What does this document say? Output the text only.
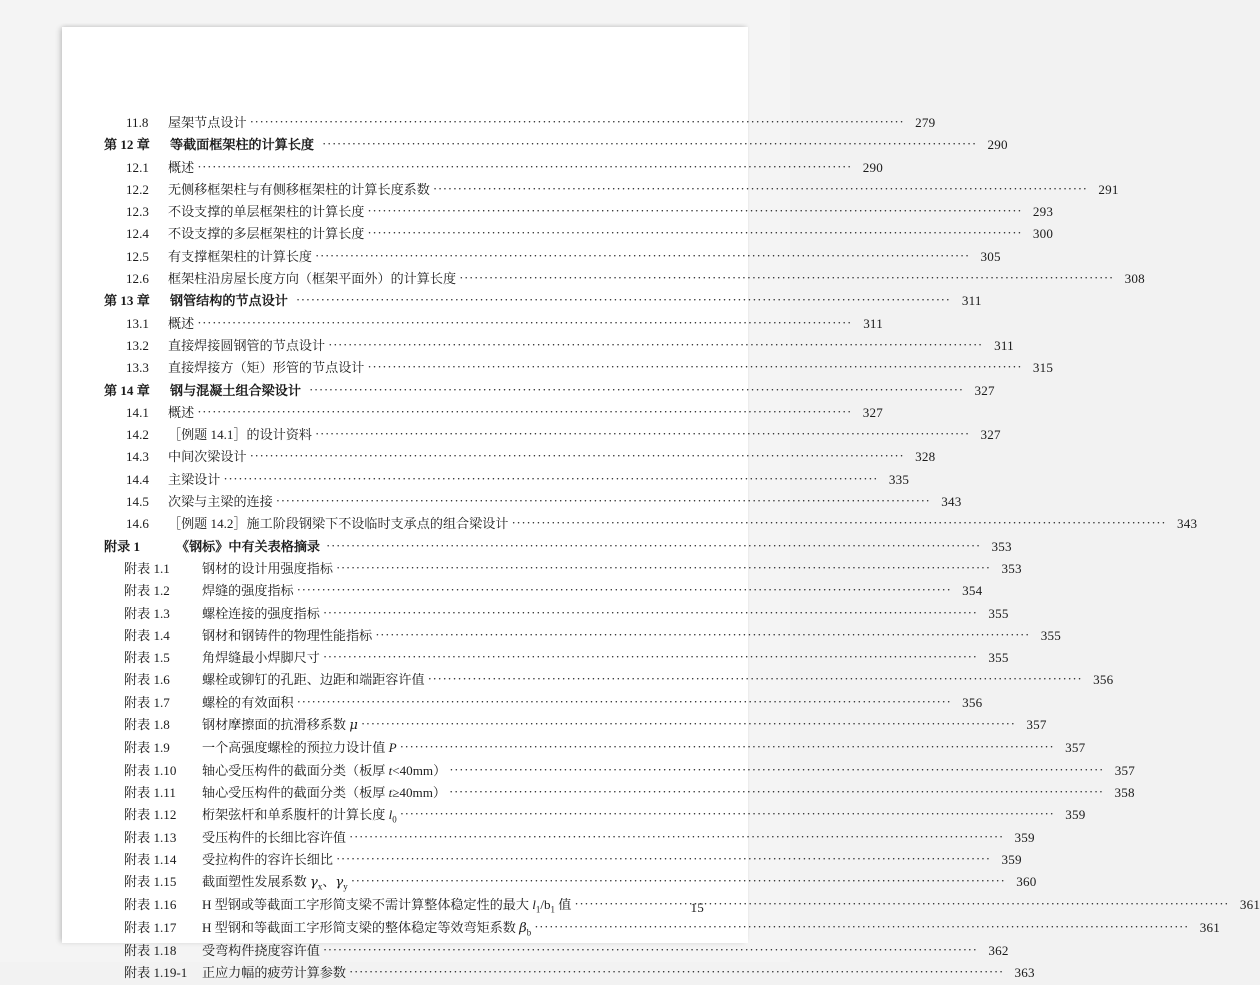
11.8	屋架节点设计 ·····	279
第 12 章	等截面框架柱的计算长度 ·····	290
12.1	概述 ·····	290
12.2	无侧移框架柱与有侧移框架柱的计算长度系数 ·····	291
12.3	不设支撑的单层框架柱的计算长度 ·····	293
12.4	不设支撑的多层框架柱的计算长度 ·····	300
12.5	有支撑框架柱的计算长度 ·····	305
12.6	框架柱沿房屋长度方向（框架平面外）的计算长度 ·····	308
第 13 章	钢管结构的节点设计 ·····	311
13.1	概述 ·····	311
13.2	直接焊接圆钢管的节点设计 ·····	311
13.3	直接焊接方（矩）形管的节点设计 ·····	315
第 14 章	钢与混凝土组合梁设计 ·····	327
14.1	概述 ·····	327
14.2	［例题 14.1］的设计资料 ·····	327
14.3	中间次梁设计 ·····	328
14.4	主梁设计 ·····	335
14.5	次梁与主梁的连接 ·····	343
14.6	［例题 14.2］施工阶段钢梁下不设临时支承点的组合梁设计 ·····	343
附录 1	《钢标》中有关表格摘录 ·····	353
附表 1.1	钢材的设计用强度指标 ·····	353
附表 1.2	焊缝的强度指标 ·····	354
附表 1.3	螺栓连接的强度指标 ·····	355
附表 1.4	钢材和钢铸件的物理性能指标 ·····	355
附表 1.5	角焊缝最小焊脚尺寸 ·····	355
附表 1.6	螺栓或铆钉的孔距、边距和端距容许值 ·····	356
附表 1.7	螺栓的有效面积 ·····	356
附表 1.8	钢材摩擦面的抗滑移系数 μ ·····	357
附表 1.9	一个高强度螺栓的预拉力设计值 P ·····	357
附表 1.10	轴心受压构件的截面分类（板厚 t<40mm） ·····	357
附表 1.11	轴心受压构件的截面分类（板厚 t≥40mm） ·····	358
附表 1.12	桁架弦杆和单系腹杆的计算长度 $l_0$ ·····	359
附表 1.13	受压构件的长细比容许值 ·····	359
附表 1.14	受拉构件的容许长细比 ·····	359
附表 1.15	截面塑性发展系数 $\gamma_x$、$\gamma_y$ ·····	360
附表 1.16	H 型钢或等截面工字形简支梁不需计算整体稳定性的最大 $l_1/b_1$ 值 ·····	361
附表 1.17	H 型钢和等截面工字形简支梁的整体稳定等效弯矩系数 $\beta_b$ ·····	361
附表 1.18	受弯构件挠度容许值 ·····	362
附表 1.19-1	正应力幅的疲劳计算参数 ·····	363
15
